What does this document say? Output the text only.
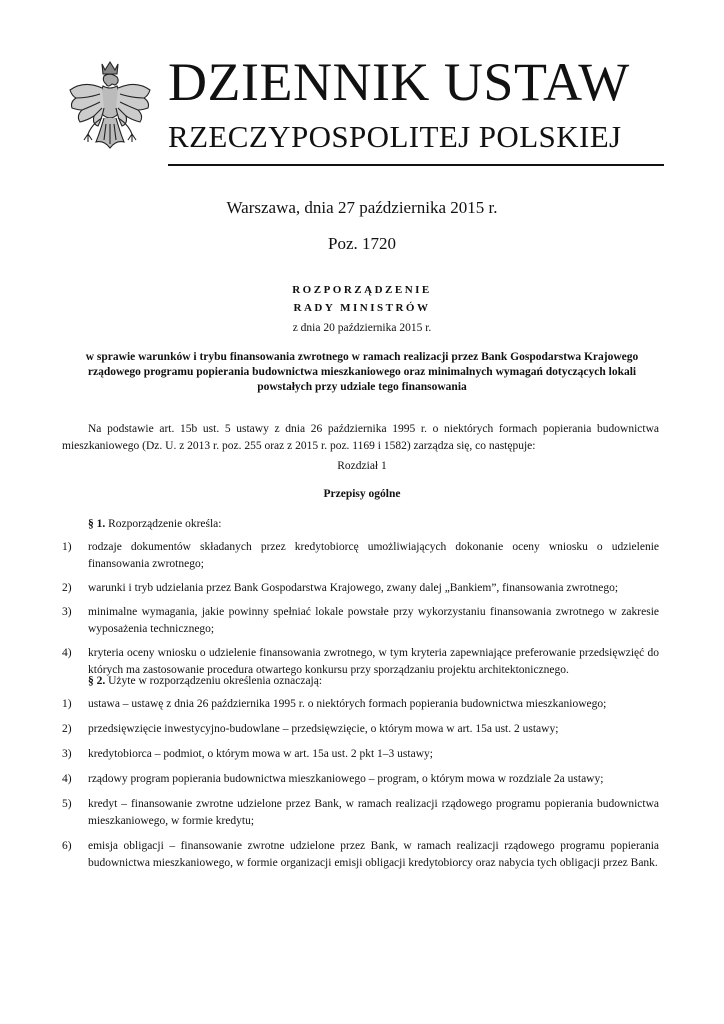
DZIENNIK USTAW
RZECZYPOSPOLITEJ POLSKIEJ
Warszawa, dnia 27 października 2015 r.
Poz. 1720
ROZPORZĄDZENIE
RADY MINISTRÓW
z dnia 20 października 2015 r.
w sprawie warunków i trybu finansowania zwrotnego w ramach realizacji przez Bank Gospodarstwa Krajowego rządowego programu popierania budownictwa mieszkaniowego oraz minimalnych wymagań dotyczących lokali powstałych przy udziale tego finansowania
Na podstawie art. 15b ust. 5 ustawy z dnia 26 października 1995 r. o niektórych formach popierania budownictwa mieszkaniowego (Dz. U. z 2013 r. poz. 255 oraz z 2015 r. poz. 1169 i 1582) zarządza się, co następuje:
Rozdział 1
Przepisy ogólne
§ 1. Rozporządzenie określa:
1)	rodzaje dokumentów składanych przez kredytobiorcę umożliwiających dokonanie oceny wniosku o udzielenie finansowania zwrotnego;
2)	warunki i tryb udzielania przez Bank Gospodarstwa Krajowego, zwany dalej „Bankiem”, finansowania zwrotnego;
3)	minimalne wymagania, jakie powinny spełniać lokale powstałe przy wykorzystaniu finansowania zwrotnego w zakresie wyposażenia technicznego;
4)	kryteria oceny wniosku o udzielenie finansowania zwrotnego, w tym kryteria zapewniające preferowanie przedsięwzięć do których ma zastosowanie procedura otwartego konkursu przy sporządzaniu projektu architektonicznego.
§ 2. Użyte w rozporządzeniu określenia oznaczają:
1)	ustawa – ustawę z dnia 26 października 1995 r. o niektórych formach popierania budownictwa mieszkaniowego;
2)	przedsięwzięcie inwestycyjno-budowlane – przedsięwzięcie, o którym mowa w art. 15a ust. 2 ustawy;
3)	kredytobiorca – podmiot, o którym mowa w art. 15a ust. 2 pkt 1–3 ustawy;
4)	rządowy program popierania budownictwa mieszkaniowego – program, o którym mowa w rozdziale 2a ustawy;
5)	kredyt – finansowanie zwrotne udzielone przez Bank, w ramach realizacji rządowego programu popierania budownictwa mieszkaniowego, w formie kredytu;
6)	emisja obligacji – finansowanie zwrotne udzielone przez Bank, w ramach realizacji rządowego programu popierania budownictwa mieszkaniowego, w formie organizacji emisji obligacji kredytobiorcy oraz nabycia tych obligacji przez Bank.
